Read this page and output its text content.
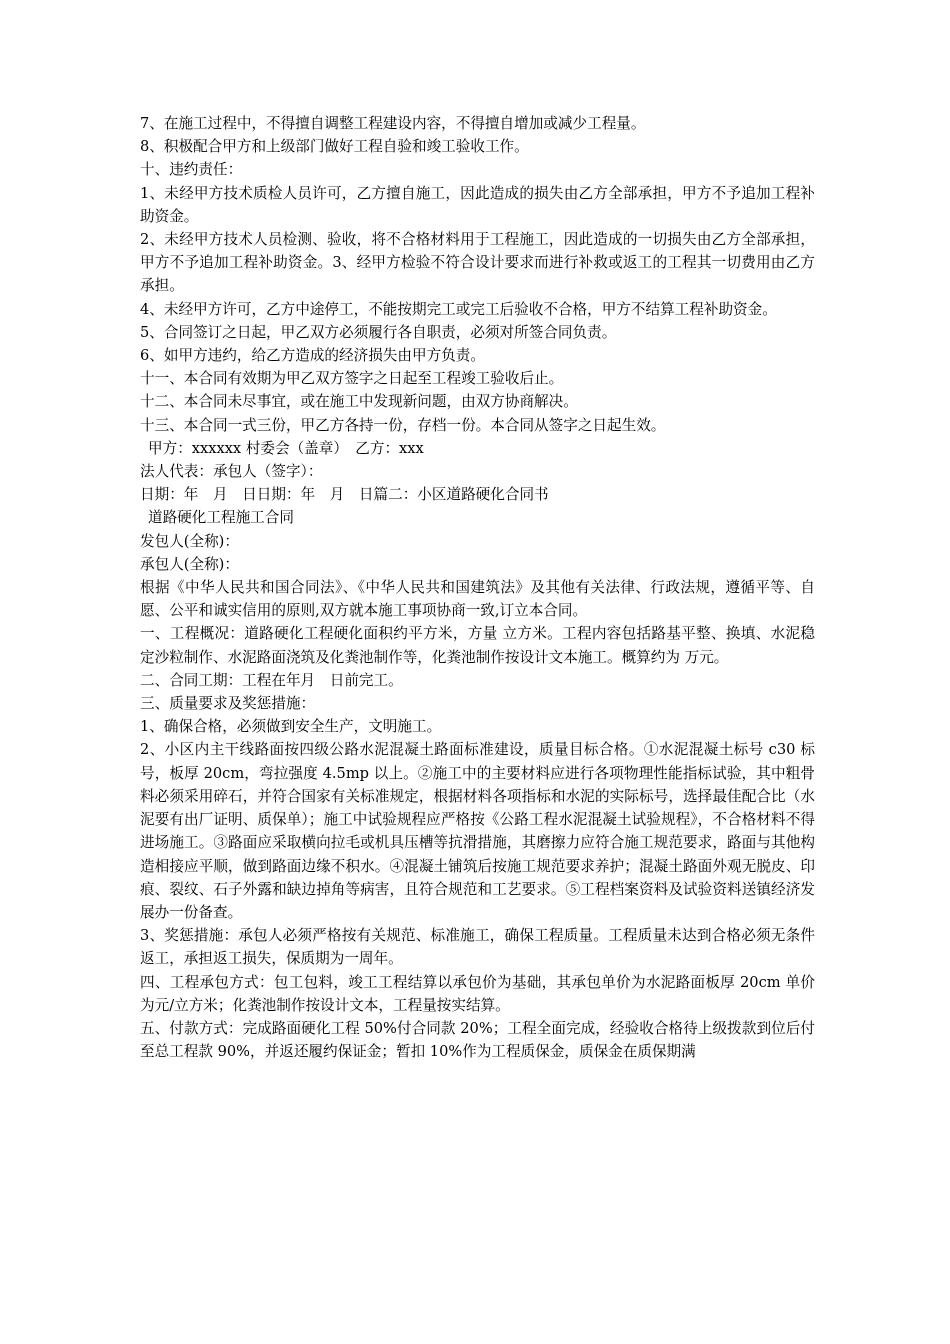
7、在施工过程中，不得擅自调整工程建设内容，不得擅自增加或减少工程量。

8、积极配合甲方和上级部门做好工程自验和竣工验收工作。

十、违约责任：

1、未经甲方技术质检人员许可，乙方擅自施工，因此造成的损失由乙方全部承担，甲方不予追加工程补助资金。

2、未经甲方技术人员检测、验收，将不合格材料用于工程施工，因此造成的一切损失由乙方全部承担，甲方不予追加工程补助资金。3、经甲方检验不符合设计要求而进行补救或返工的工程其一切费用由乙方承担。

4、未经甲方许可，乙方中途停工，不能按期完工或完工后验收不合格，甲方不结算工程补助资金。

5、合同签订之日起，甲乙双方必须履行各自职责，必须对所签合同负责。

6、如甲方违约，给乙方造成的经济损失由甲方负责。

十一、本合同有效期为甲乙双方签字之日起至工程竣工验收后止。

十二、本合同未尽事宜，或在施工中发现新问题，由双方协商解决。

十三、本合同一式三份，甲乙方各持一份，存档一份。本合同从签字之日起生效。

甲方：xxxxxx 村委会（盖章）　乙方：xxx

法人代表：承包人（签字）：

日期：年　月　日日期：年　月　日篇二：小区道路硬化合同书

道路硬化工程施工合同

发包人(全称)：

承包人(全称)：

根据《中华人民共和国合同法》、《中华人民共和国建筑法》及其他有关法律、行政法规，遵循平等、自愿、公平和诚实信用的原则,双方就本施工事项协商一致,订立本合同。

一、工程概况：道路硬化工程硬化面积约平方米，方量 立方米。工程内容包括路基平整、换填、水泥稳定沙粒制作、水泥路面浇筑及化粪池制作等，化粪池制作按设计文本施工。概算约为 万元。

二、合同工期：工程在年月　日前完工。

三、质量要求及奖惩措施：

1、确保合格，必须做到安全生产，文明施工。

2、小区内主干线路面按四级公路水泥混凝土路面标准建设，质量目标合格。①水泥混凝土标号 c30 标号，板厚 20cm，弯拉强度 4.5mp 以上。②施工中的主要材料应进行各项物理性能指标试验，其中粗骨料必须采用碎石，并符合国家有关标准规定，根据材料各项指标和水泥的实际标号，选择最佳配合比（水泥要有出厂证明、质保单）；施工中试验规程应严格按《公路工程水泥混凝土试验规程》，不合格材料不得进场施工。③路面应采取横向拉毛或机具压槽等抗滑措施，其磨擦力应符合施工规范要求，路面与其他构造相接应平顺，做到路面边缘不积水。④混凝土铺筑后按施工规范要求养护；混凝土路面外观无脱皮、印痕、裂纹、石子外露和缺边掉角等病害，且符合规范和工艺要求。⑤工程档案资料及试验资料送镇经济发展办一份备查。

3、奖惩措施：承包人必须严格按有关规范、标准施工，确保工程质量。工程质量未达到合格必须无条件返工，承担返工损失，保质期为一周年。

四、工程承包方式：包工包料，竣工工程结算以承包价为基础，其承包单价为水泥路面板厚 20cm 单价为元/立方米；化粪池制作按设计文本，工程量按实结算。

五、付款方式：完成路面硬化工程 50%付合同款 20%；工程全面完成，经验收合格待上级拨款到位后付至总工程款 90%，并返还履约保证金；暂扣 10%作为工程质保金，质保金在质保期满
